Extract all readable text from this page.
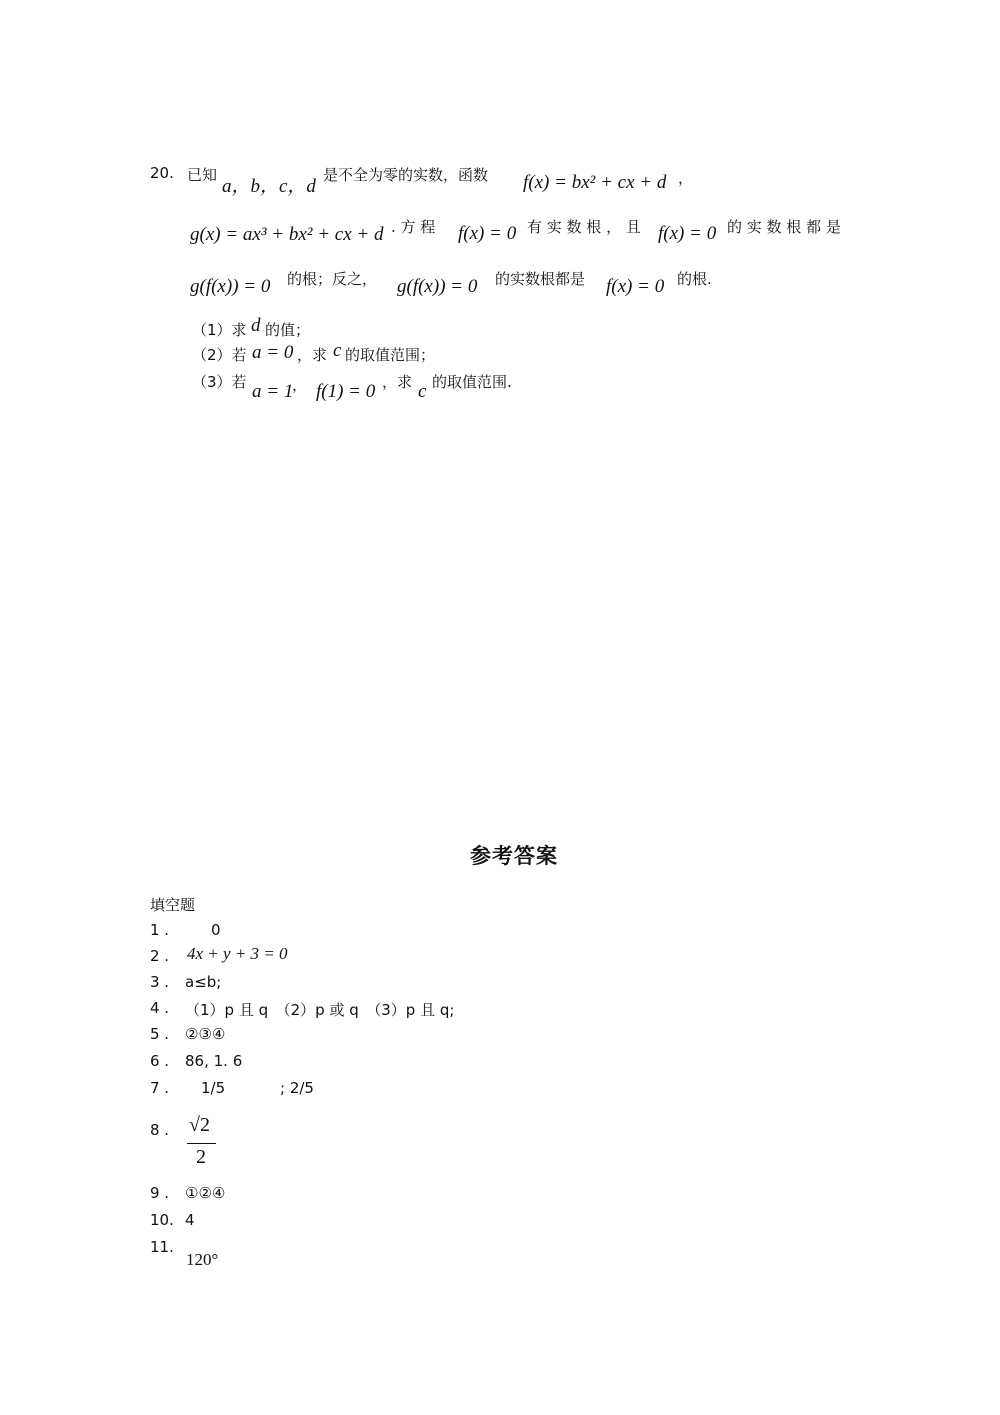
20. 已知
a，b，c，d
是不全为零的实数，函数 f(x) = bx² + cx + d ，
g(x) = ax³ + bx² + cx + d . 方 程 f(x) = 0 有 实 数 根 ， 且 f(x) = 0 的 实 数 根 都 是
g(f(x)) = 0 的根；反之， g(f(x)) = 0 的实数根都是 f(x) = 0 的根.
（1）求 d 的值；
（2）若 a = 0 ，求 c 的取值范围；
（3）若 a = 1
， f(1) = 0 ，求 c 的取值范围.
参考答案
填空题
1 .	0
2 . 4x + y + 3 = 0
3 . a≤b;
4 . （1）p 且 q　（2）p 或 q　（3）p 且 q;
5 . ②③④
6 . 86, 1. 6
7 . 1/5	; 2/5
8 . √2
2
9 . ①②④
10. 4
11.
120°
